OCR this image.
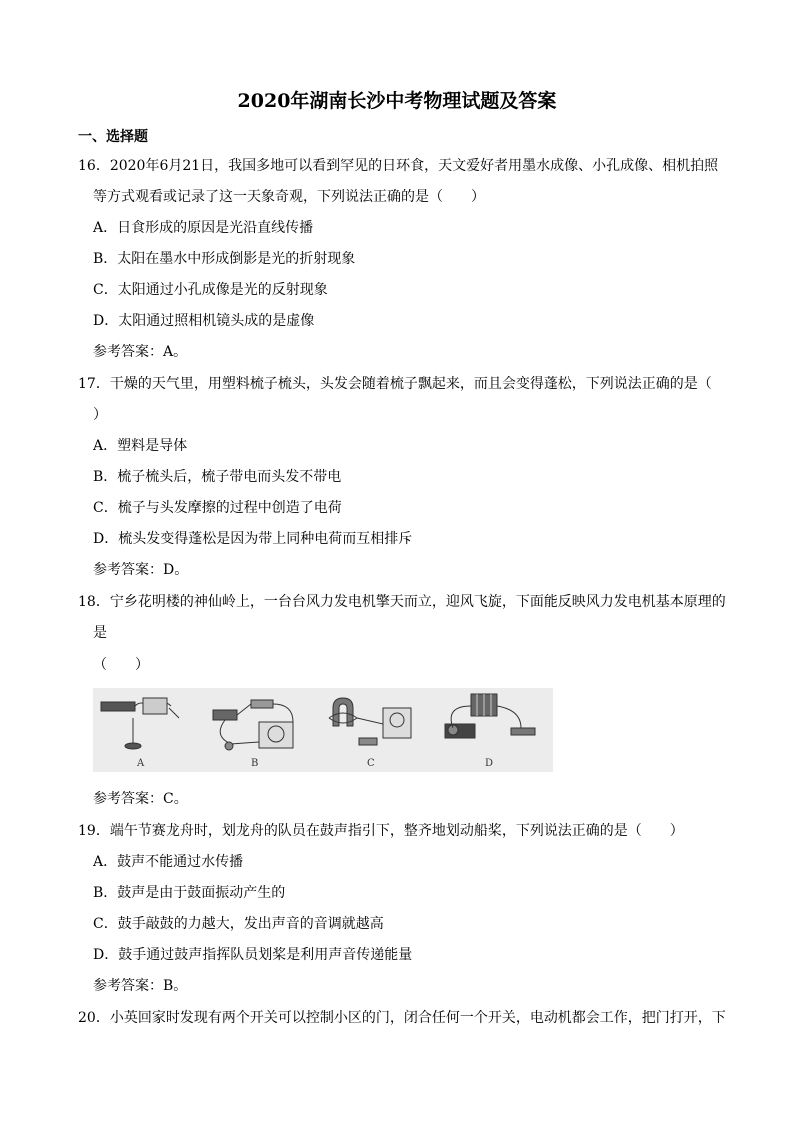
2020年湖南长沙中考物理试题及答案
一、选择题
16．2020年6月21日，我国多地可以看到罕见的日环食，天文爱好者用墨水成像、小孔成像、相机拍照
等方式观看或记录了这一天象奇观，下列说法正确的是（　　）
A．日食形成的原因是光沿直线传播
B．太阳在墨水中形成倒影是光的折射现象
C．太阳通过小孔成像是光的反射现象
D．太阳通过照相机镜头成的是虚像
参考答案：A。
17．干燥的天气里，用塑料梳子梳头，头发会随着梳子飘起来，而且会变得蓬松，下列说法正确的是（
）
A．塑料是导体
B．梳子梳头后，梳子带电而头发不带电
C．梳子与头发摩擦的过程中创造了电荷
D．梳头发变得蓬松是因为带上同种电荷而互相排斥
参考答案：D。
18．宁乡花明楼的神仙岭上，一台台风力发电机擎天而立，迎风飞旋，下面能反映风力发电机基本原理的
是
（　　）
A	B	C	D
参考答案：C。
19．端午节赛龙舟时，划龙舟的队员在鼓声指引下，整齐地划动船桨，下列说法正确的是（　　）
A．鼓声不能通过水传播
B．鼓声是由于鼓面振动产生的
C．鼓手敲鼓的力越大，发出声音的音调就越高
D．鼓手通过鼓声指挥队员划桨是利用声音传递能量
参考答案：B。
20．小英回家时发现有两个开关可以控制小区的门，闭合任何一个开关，电动机都会工作，把门打开，下
